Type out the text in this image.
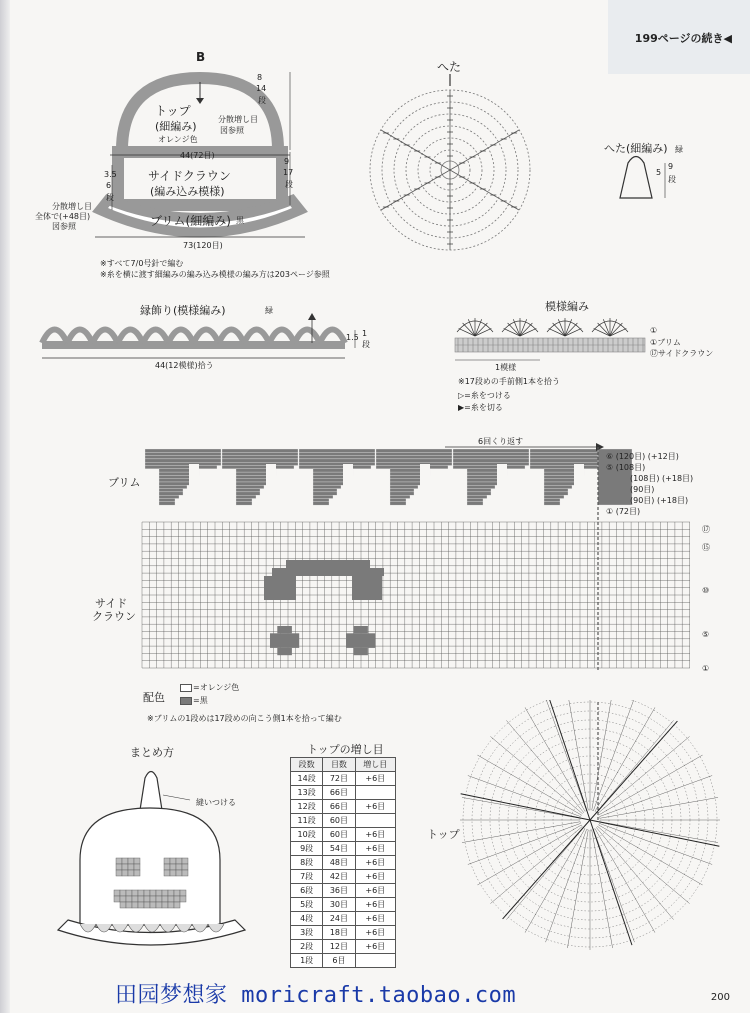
199ページの続き◀
B
トップ
(細編み)
オレンジ色
分散増し目
図参照
8
14
段
44(72目)
サイドクラウン
(編み込み模様)
9
17
段
ブリム(細編み) 黒
3.5
6
段
分散増し目
全体で(+48目)
図参照
73(120目)
※すべて7/0号針で編む
※糸を横に渡す細編みの編み込み模様の編み方は203ページ参照
へた
へた(細編み) 緑
5
9
段
縁飾り(模様編み)	緑
1.5 1
段
44(12模様)拾う
模様編み
①
①ブリム
⑰サイドクラウン
1模様
※17段めの手前側1本を拾う
▷=糸をつける
▶=糸を切る
6回くり返す
ブリム
サイド
クラウン
トップ
⑥ (120目) (+12目)
⑤ (108目)
(108目) (+18目)
(90目)
(90目) (+18目)
① (72目)
⑰
⑮
⑩
⑤
①
配色
=オレンジ色
=黒
※ブリムの1段めは17段めの向こう側1本を拾って編む
まとめ方
縫いつける
トップの増し目
段数	目数	増し目
14段	72目	+6目
13段	66目	
12段	66目	+6目
11段	60目	
10段	60目	+6目
9段	54目	+6目
8段	48目	+6目
7段	42目	+6目
6段	36目	+6目
5段	30目	+6目
4段	24目	+6目
3段	18目	+6目
2段	12目	+6目
1段	6目	
田园梦想家 moricraft.taobao.com	200
